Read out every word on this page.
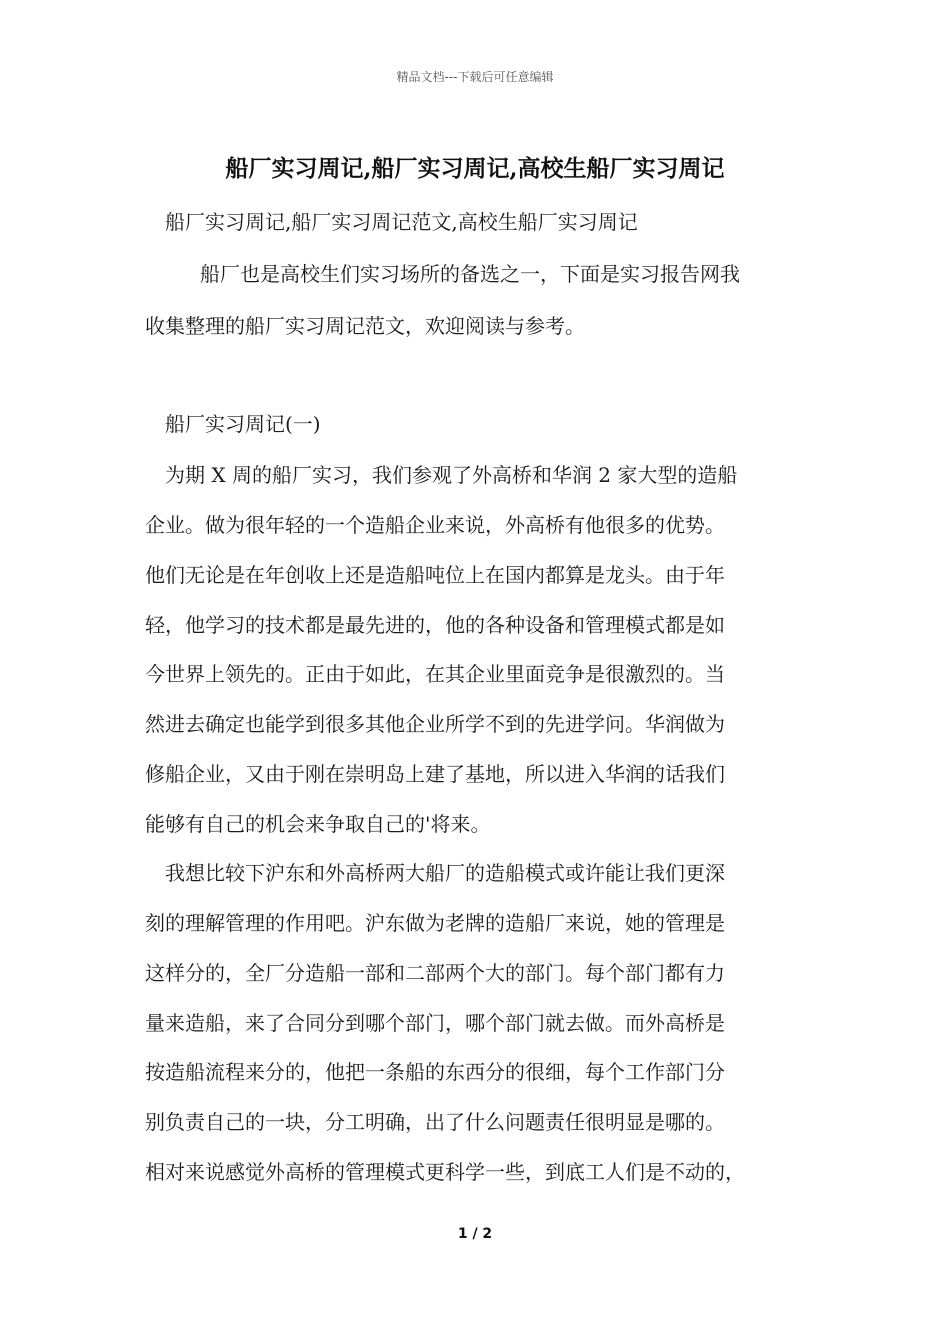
精品文档---下载后可任意编辑
船厂实习周记,船厂实习周记,高校生船厂实习周记
船厂实习周记,船厂实习周记范文,高校生船厂实习周记
船厂也是高校生们实习场所的备选之一，下面是实习报告网我
收集整理的船厂实习周记范文，欢迎阅读与参考。
船厂实习周记(一)
为期 X 周的船厂实习，我们参观了外高桥和华润 2 家大型的造船
企业。做为很年轻的一个造船企业来说，外高桥有他很多的优势。
他们无论是在年创收上还是造船吨位上在国内都算是龙头。由于年
轻，他学习的技术都是最先进的，他的各种设备和管理模式都是如
今世界上领先的。正由于如此，在其企业里面竞争是很激烈的。当
然进去确定也能学到很多其他企业所学不到的先进学问。华润做为
修船企业，又由于刚在崇明岛上建了基地，所以进入华润的话我们
能够有自己的机会来争取自己的'将来。
我想比较下沪东和外高桥两大船厂的造船模式或许能让我们更深
刻的理解管理的作用吧。沪东做为老牌的造船厂来说，她的管理是
这样分的，全厂分造船一部和二部两个大的部门。每个部门都有力
量来造船，来了合同分到哪个部门，哪个部门就去做。而外高桥是
按造船流程来分的，他把一条船的东西分的很细，每个工作部门分
别负责自己的一块，分工明确，出了什么问题责任很明显是哪的。
相对来说感觉外高桥的管理模式更科学一些，到底工人们是不动的，
1 / 2
